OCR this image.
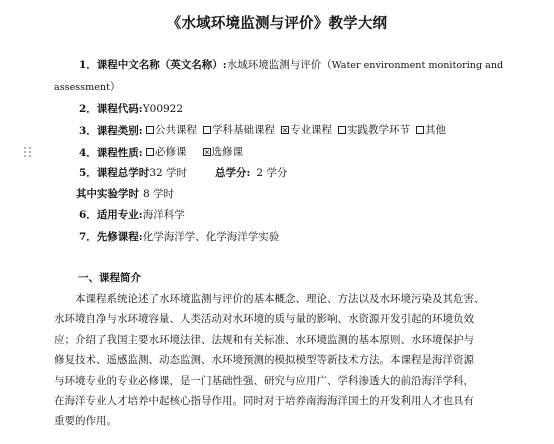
《水域环境监测与评价》教学大纲
1．课程中文名称（英文名称）:水域环境监测与评价（Water environment monitoring and
assessment）
2．课程代码:Y00922
3．课程类别: 公共课程 学科基础课程 专业课程 实践教学环节 其他
4．课程性质: 必修课 选修课
5．课程总学时32 学时	总学分: 2 学分
其中实验学时 8 学时
6．适用专业:海洋科学
7．先修课程:化学海洋学、化学海洋学实验
一、课程简介
本课程系统论述了水环境监测与评价的基本概念、理论、方法以及水环境污染及其危害、
水环境自净与水环境容量、人类活动对水环境的质与量的影响、水资源开发引起的环境负效
应；介绍了我国主要水环境法律、法规和有关标准、水环境监测的基本原则、水环境保护与
修复技术、遥感监测、动态监测、水环境预测的模拟模型等新技术方法。本课程是海洋资源
与环境专业的专业必修课，是一门基础性强、研究与应用广、学科渗透大的前沿海洋学科，
在海洋专业人才培养中起核心指导作用。同时对于培养南海海洋国土的开发利用人才也具有
重要的作用。
